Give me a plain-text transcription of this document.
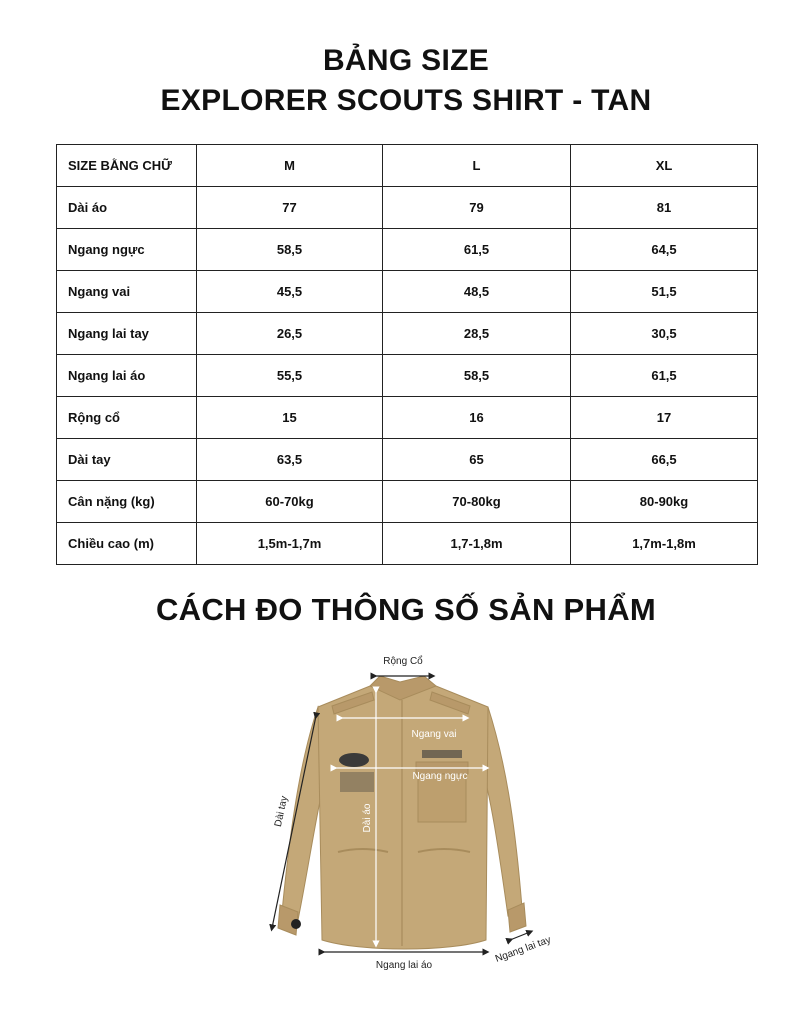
BẢNG SIZE
EXPLORER SCOUTS SHIRT - TAN
SIZE BẰNG CHỮ	M	L	XL
Dài áo	77	79	81
Ngang ngực	58,5	61,5	64,5
Ngang vai	45,5	48,5	51,5
Ngang lai tay	26,5	28,5	30,5
Ngang lai áo	55,5	58,5	61,5
Rộng cổ	15	16	17
Dài tay	63,5	65	66,5
Cân nặng (kg)	60-70kg	70-80kg	80-90kg
Chiều cao (m)	1,5m-1,7m	1,7-1,8m	1,7m-1,8m
CÁCH ĐO THÔNG SỐ SẢN PHẨM
Rộng Cổ
Ngang vai
Ngang ngực
Dài áo
Dài tay
Ngang lai áo
Ngang lai tay
